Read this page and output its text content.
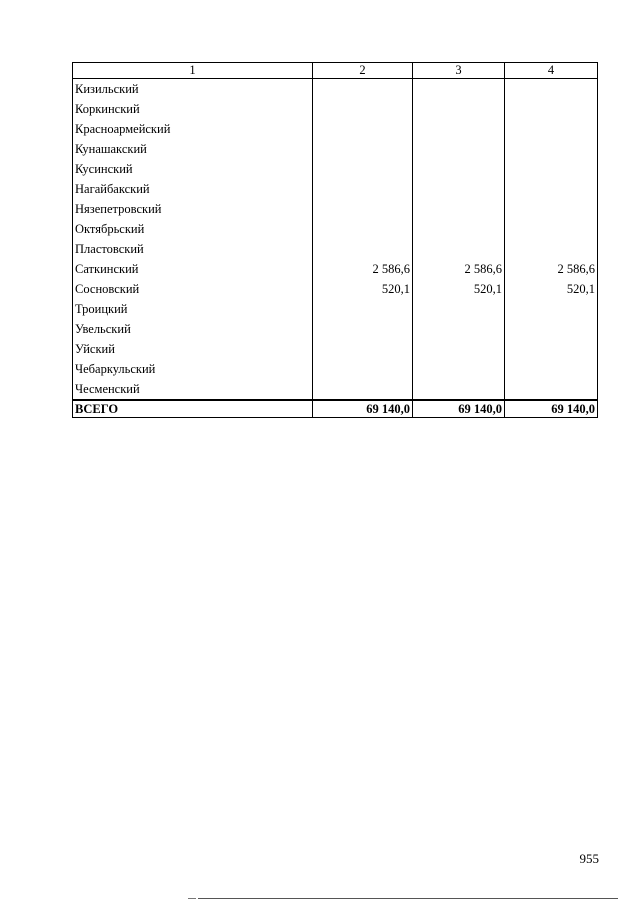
1	2	3	4
Кизильский			
Коркинский			
Красноармейский			
Кунашакский			
Кусинский			
Нагайбакский			
Нязепетровский			
Октябрьский			
Пластовский			
Саткинский	2 586,6	2 586,6	2 586,6
Сосновский	520,1	520,1	520,1
Троицкий			
Увельский			
Уйский			
Чебаркульский			
Чесменский			
ВСЕГО	69 140,0	69 140,0	69 140,0
955
